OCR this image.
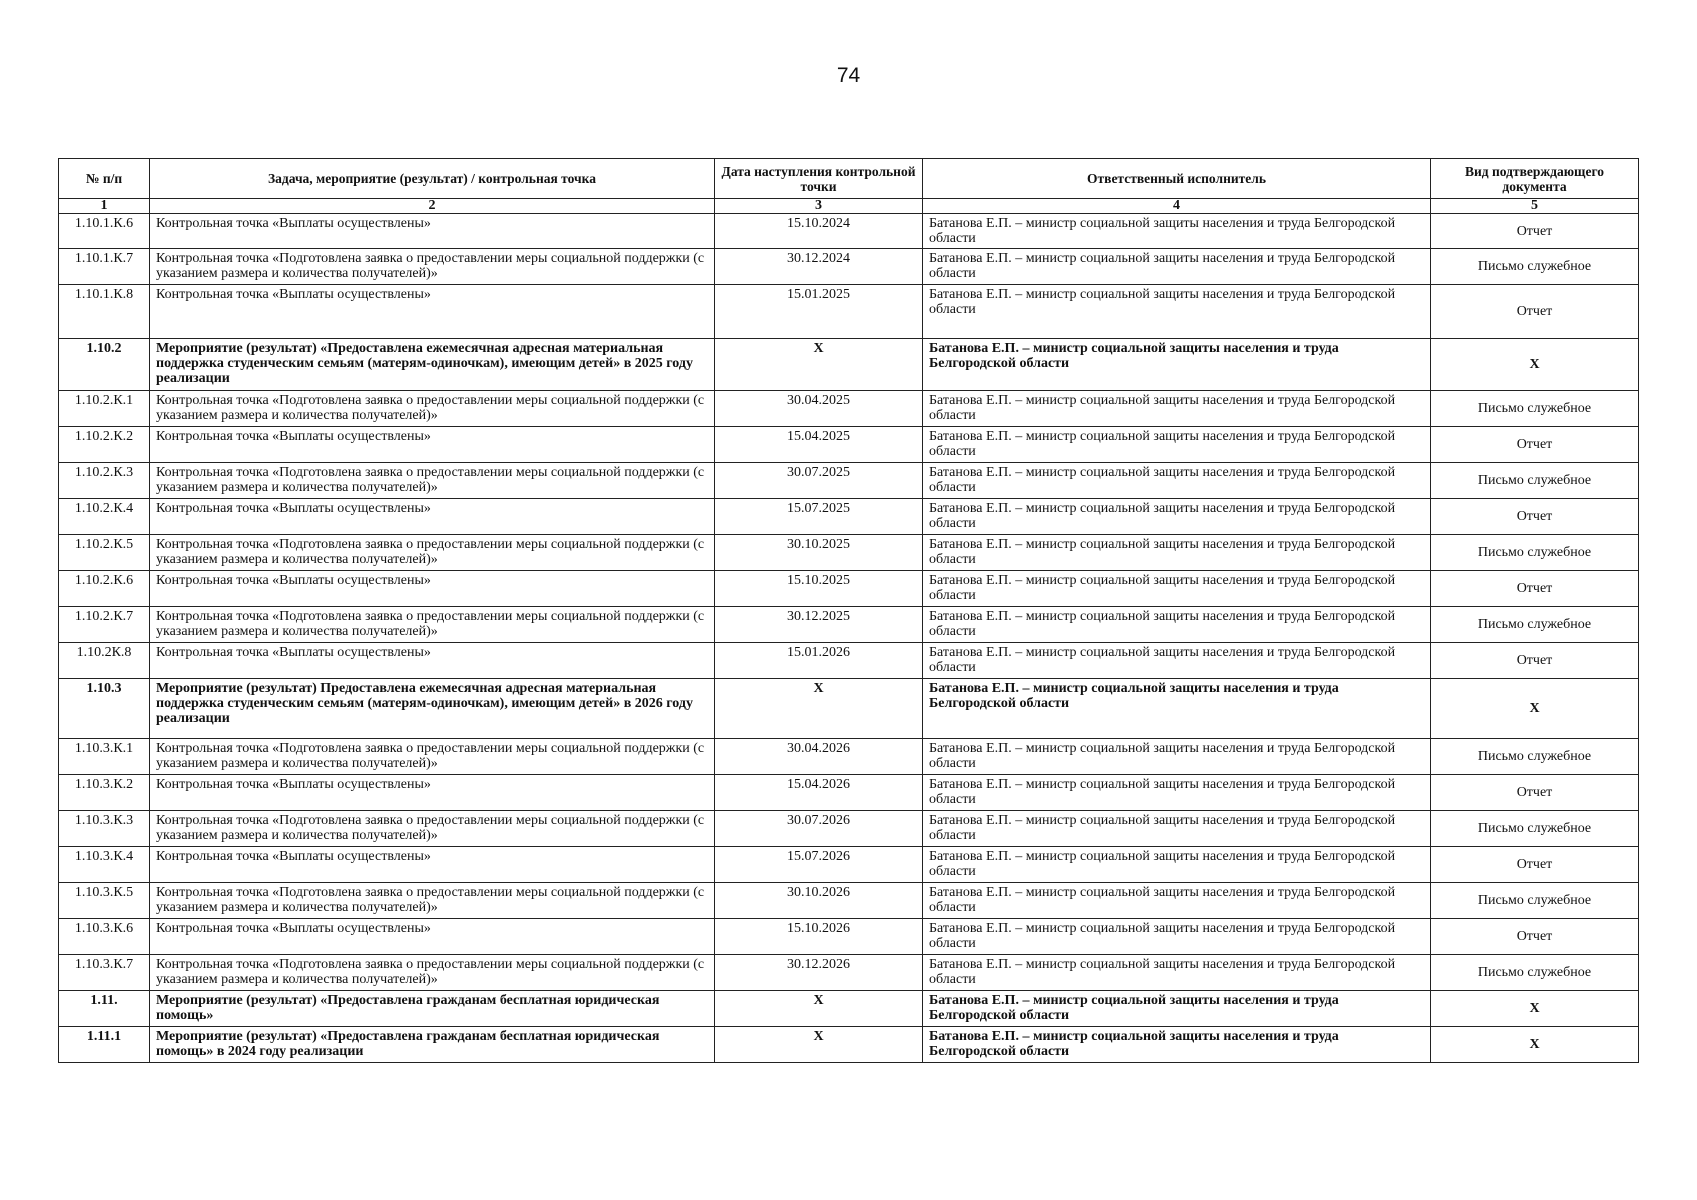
74
№ п/п	Задача, мероприятие (результат) / контрольная точка	Дата наступления контрольной точки	Ответственный исполнитель	Вид подтверждающего документа
1	2	3	4	5
1.10.1.К.6	Контрольная точка «Выплаты осуществлены»	15.10.2024	Батанова Е.П. – министр социальной защиты населения и труда Белгородской области	Отчет
1.10.1.К.7	Контрольная точка «Подготовлена заявка о предоставлении меры социальной поддержки (с указанием размера и количества получателей)»	30.12.2024	Батанова Е.П. – министр социальной защиты населения и труда Белгородской области	Письмо служебное
1.10.1.К.8	Контрольная точка «Выплаты осуществлены»	15.01.2025	Батанова Е.П. – министр социальной защиты населения и труда Белгородской области	Отчет
1.10.2	Мероприятие (результат) «Предоставлена ежемесячная адресная материальная поддержка студенческим семьям (матерям-одиночкам), имеющим детей» в 2025 году реализации	Х	Батанова Е.П. – министр социальной защиты населения и труда Белгородской области	Х
1.10.2.К.1	Контрольная точка «Подготовлена заявка о предоставлении меры социальной поддержки (с указанием размера и количества получателей)»	30.04.2025	Батанова Е.П. – министр социальной защиты населения и труда Белгородской области	Письмо служебное
1.10.2.К.2	Контрольная точка «Выплаты осуществлены»	15.04.2025	Батанова Е.П. – министр социальной защиты населения и труда Белгородской области	Отчет
1.10.2.К.3	Контрольная точка «Подготовлена заявка о предоставлении меры социальной поддержки (с указанием размера и количества получателей)»	30.07.2025	Батанова Е.П. – министр социальной защиты населения и труда Белгородской области	Письмо служебное
1.10.2.К.4	Контрольная точка «Выплаты осуществлены»	15.07.2025	Батанова Е.П. – министр социальной защиты населения и труда Белгородской области	Отчет
1.10.2.К.5	Контрольная точка «Подготовлена заявка о предоставлении меры социальной поддержки (с указанием размера и количества получателей)»	30.10.2025	Батанова Е.П. – министр социальной защиты населения и труда Белгородской области	Письмо служебное
1.10.2.К.6	Контрольная точка «Выплаты осуществлены»	15.10.2025	Батанова Е.П. – министр социальной защиты населения и труда Белгородской области	Отчет
1.10.2.К.7	Контрольная точка «Подготовлена заявка о предоставлении меры социальной поддержки (с указанием размера и количества получателей)»	30.12.2025	Батанова Е.П. – министр социальной защиты населения и труда Белгородской области	Письмо служебное
1.10.2К.8	Контрольная точка «Выплаты осуществлены»	15.01.2026	Батанова Е.П. – министр социальной защиты населения и труда Белгородской области	Отчет
1.10.3	Мероприятие (результат) Предоставлена ежемесячная адресная материальная поддержка студенческим семьям (матерям-одиночкам), имеющим детей» в 2026 году реализации	Х	Батанова Е.П. – министр социальной защиты населения и труда Белгородской области	Х
1.10.3.К.1	Контрольная точка «Подготовлена заявка о предоставлении меры социальной поддержки (с указанием размера и количества получателей)»	30.04.2026	Батанова Е.П. – министр социальной защиты населения и труда Белгородской области	Письмо служебное
1.10.3.К.2	Контрольная точка «Выплаты осуществлены»	15.04.2026	Батанова Е.П. – министр социальной защиты населения и труда Белгородской области	Отчет
1.10.3.К.3	Контрольная точка «Подготовлена заявка о предоставлении меры социальной поддержки (с указанием размера и количества получателей)»	30.07.2026	Батанова Е.П. – министр социальной защиты населения и труда Белгородской области	Письмо служебное
1.10.3.К.4	Контрольная точка «Выплаты осуществлены»	15.07.2026	Батанова Е.П. – министр социальной защиты населения и труда Белгородской области	Отчет
1.10.3.К.5	Контрольная точка «Подготовлена заявка о предоставлении меры социальной поддержки (с указанием размера и количества получателей)»	30.10.2026	Батанова Е.П. – министр социальной защиты населения и труда Белгородской области	Письмо служебное
1.10.3.К.6	Контрольная точка «Выплаты осуществлены»	15.10.2026	Батанова Е.П. – министр социальной защиты населения и труда Белгородской области	Отчет
1.10.3.К.7	Контрольная точка «Подготовлена заявка о предоставлении меры социальной поддержки (с указанием размера и количества получателей)»	30.12.2026	Батанова Е.П. – министр социальной защиты населения и труда Белгородской области	Письмо служебное
1.11.	Мероприятие (результат) «Предоставлена гражданам бесплатная юридическая помощь»	Х	Батанова Е.П. – министр социальной защиты населения и труда Белгородской области	Х
1.11.1	Мероприятие (результат) «Предоставлена гражданам бесплатная юридическая помощь» в 2024 году реализации	Х	Батанова Е.П. – министр социальной защиты населения и труда Белгородской области	Х
